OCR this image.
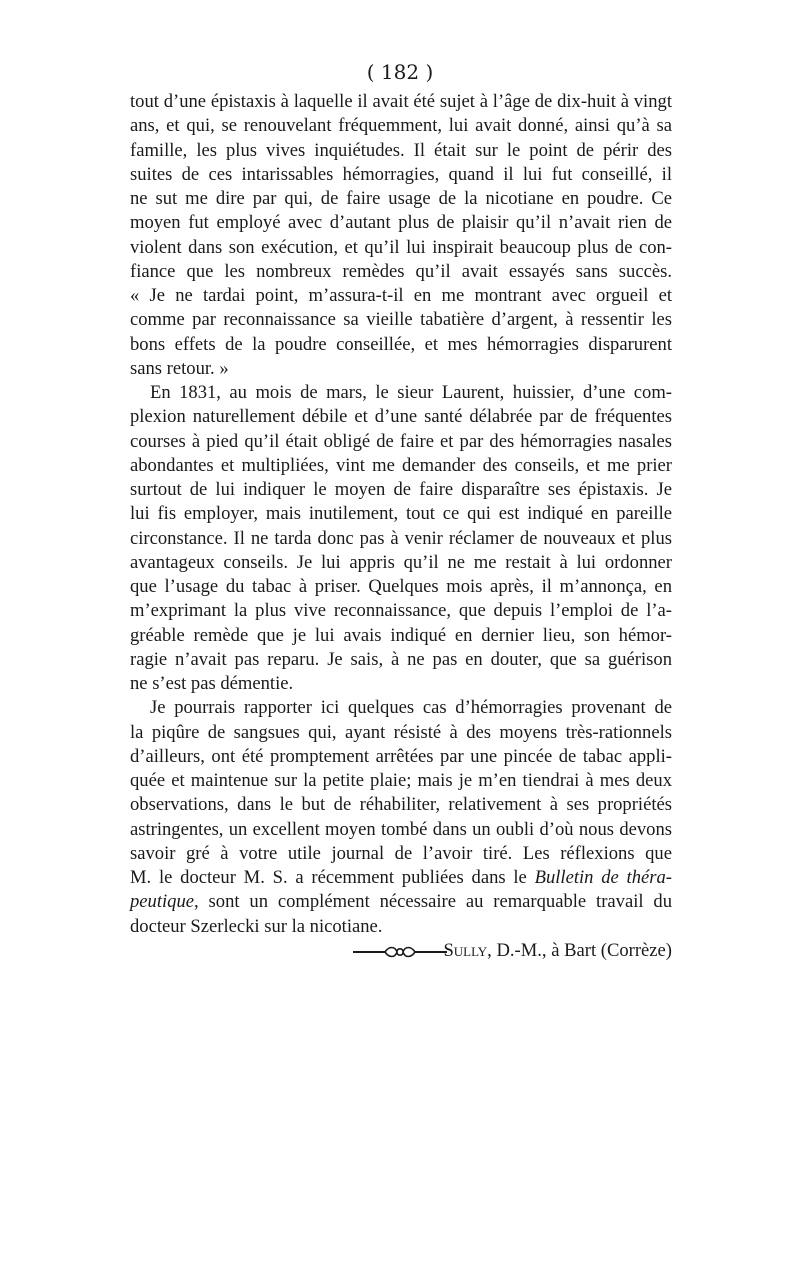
( 182 )
tout d’une épistaxis à laquelle il avait été sujet à l’âge de dix-huit à vingt
ans, et qui, se renouvelant fréquemment, lui avait donné, ainsi qu’à sa
famille, les plus vives inquiétudes. Il était sur le point de périr des
suites de ces intarissables hémorragies, quand il lui fut conseillé, il
ne sut me dire par qui, de faire usage de la nicotiane en poudre. Ce
moyen fut employé avec d’autant plus de plaisir qu’il n’avait rien de
violent dans son exécution, et qu’il lui inspirait beaucoup plus de con-
fiance que les nombreux remèdes qu’il avait essayés sans succès.
« Je ne tardai point, m’assura-t-il en me montrant avec orgueil et
comme par reconnaissance sa vieille tabatière d’argent, à ressentir les
bons effets de la poudre conseillée, et mes hémorragies disparurent
sans retour. »
En 1831, au mois de mars, le sieur Laurent, huissier, d’une com-
plexion naturellement débile et d’une santé délabrée par de fréquentes
courses à pied qu’il était obligé de faire et par des hémorragies nasales
abondantes et multipliées, vint me demander des conseils, et me prier
surtout de lui indiquer le moyen de faire disparaître ses épistaxis. Je
lui fis employer, mais inutilement, tout ce qui est indiqué en pareille
circonstance. Il ne tarda donc pas à venir réclamer de nouveaux et plus
avantageux conseils. Je lui appris qu’il ne me restait à lui ordonner
que l’usage du tabac à priser. Quelques mois après, il m’annonça, en
m’exprimant la plus vive reconnaissance, que depuis l’emploi de l’a-
gréable remède que je lui avais indiqué en dernier lieu, son hémor-
ragie n’avait pas reparu. Je sais, à ne pas en douter, que sa guérison
ne s’est pas démentie.
Je pourrais rapporter ici quelques cas d’hémorragies provenant de
la piqûre de sangsues qui, ayant résisté à des moyens très-rationnels
d’ailleurs, ont été promptement arrêtées par une pincée de tabac appli-
quée et maintenue sur la petite plaie; mais je m’en tiendrai à mes deux
observations, dans le but de réhabiliter, relativement à ses propriétés
astringentes, un excellent moyen tombé dans un oubli d’où nous devons
savoir gré à votre utile journal de l’avoir tiré. Les réflexions que
M. le docteur M. S. a récemment publiées dans le Bulletin de théra-
peutique, sont un complément nécessaire au remarquable travail du
docteur Szerlecki sur la nicotiane.
Sully, D.-M., à Bart (Corrèze)
